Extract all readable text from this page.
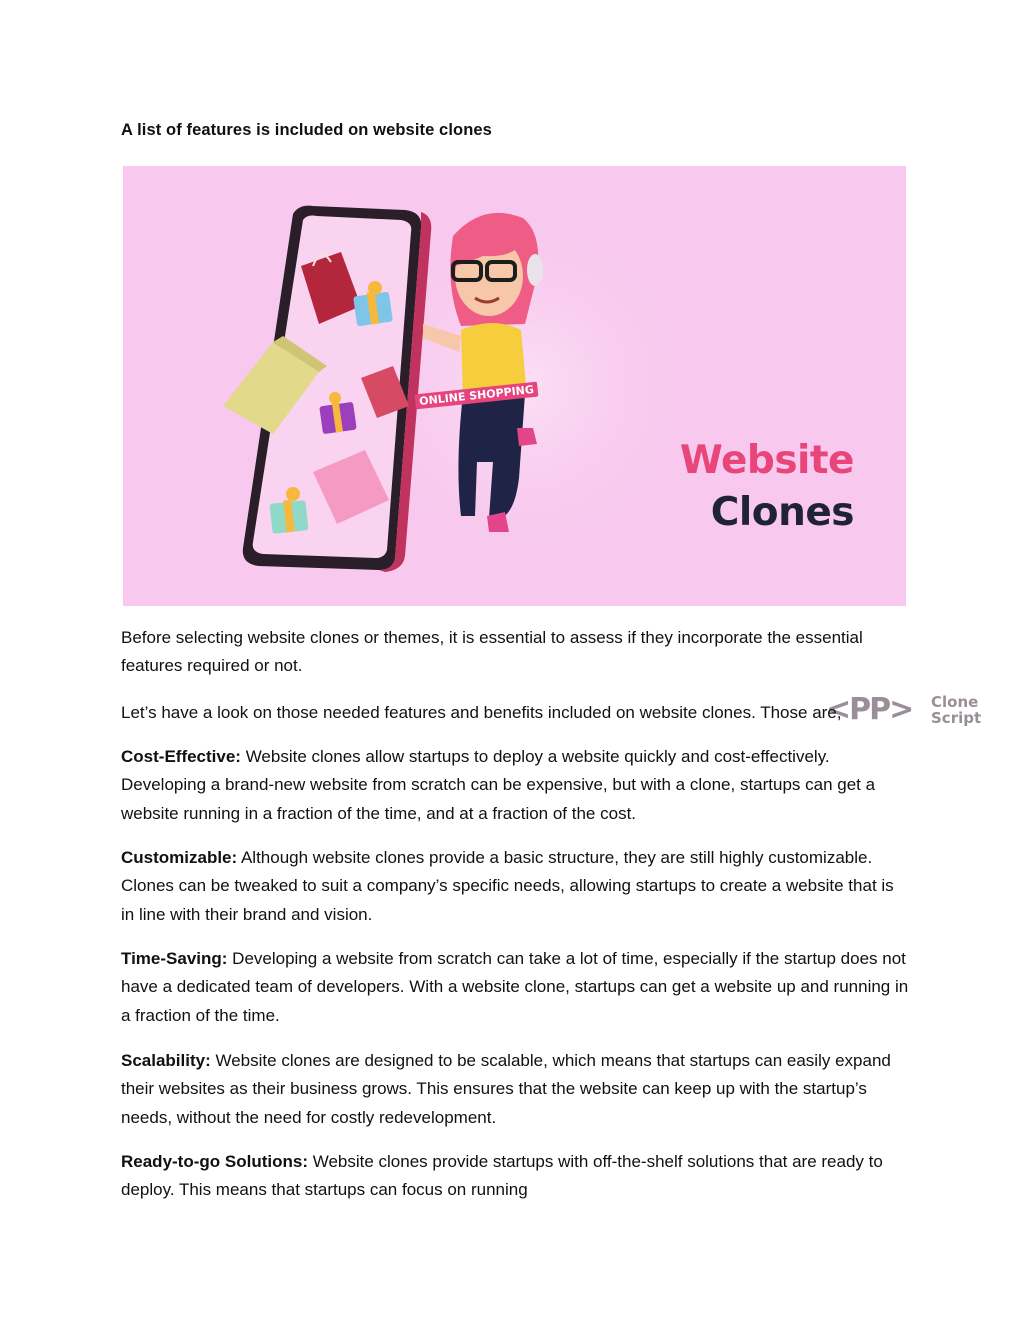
A list of features is included on website clones
ONLINE SHOPPING
Website
Clones
<PP> Clone
Script

Before selecting website clones or themes, it is essential to assess if they incorporate the essential features required or not.

Let’s have a look on those needed features and benefits included on website clones. Those are,

Cost-Effective: Website clones allow startups to deploy a website quickly and cost-effectively. Developing a brand-new website from scratch can be expensive, but with a clone, startups can get a website running in a fraction of the time, and at a fraction of the cost.

Customizable: Although website clones provide a basic structure, they are still highly customizable. Clones can be tweaked to suit a company’s specific needs, allowing startups to create a website that is in line with their brand and vision.

Time-Saving: Developing a website from scratch can take a lot of time, especially if the startup does not have a dedicated team of developers. With a website clone, startups can get a website up and running in a fraction of the time.

Scalability: Website clones are designed to be scalable, which means that startups can easily expand their websites as their business grows. This ensures that the website can keep up with the startup’s needs, without the need for costly redevelopment.

Ready-to-go Solutions: Website clones provide startups with off-the-shelf solutions that are ready to deploy. This means that startups can focus on running
